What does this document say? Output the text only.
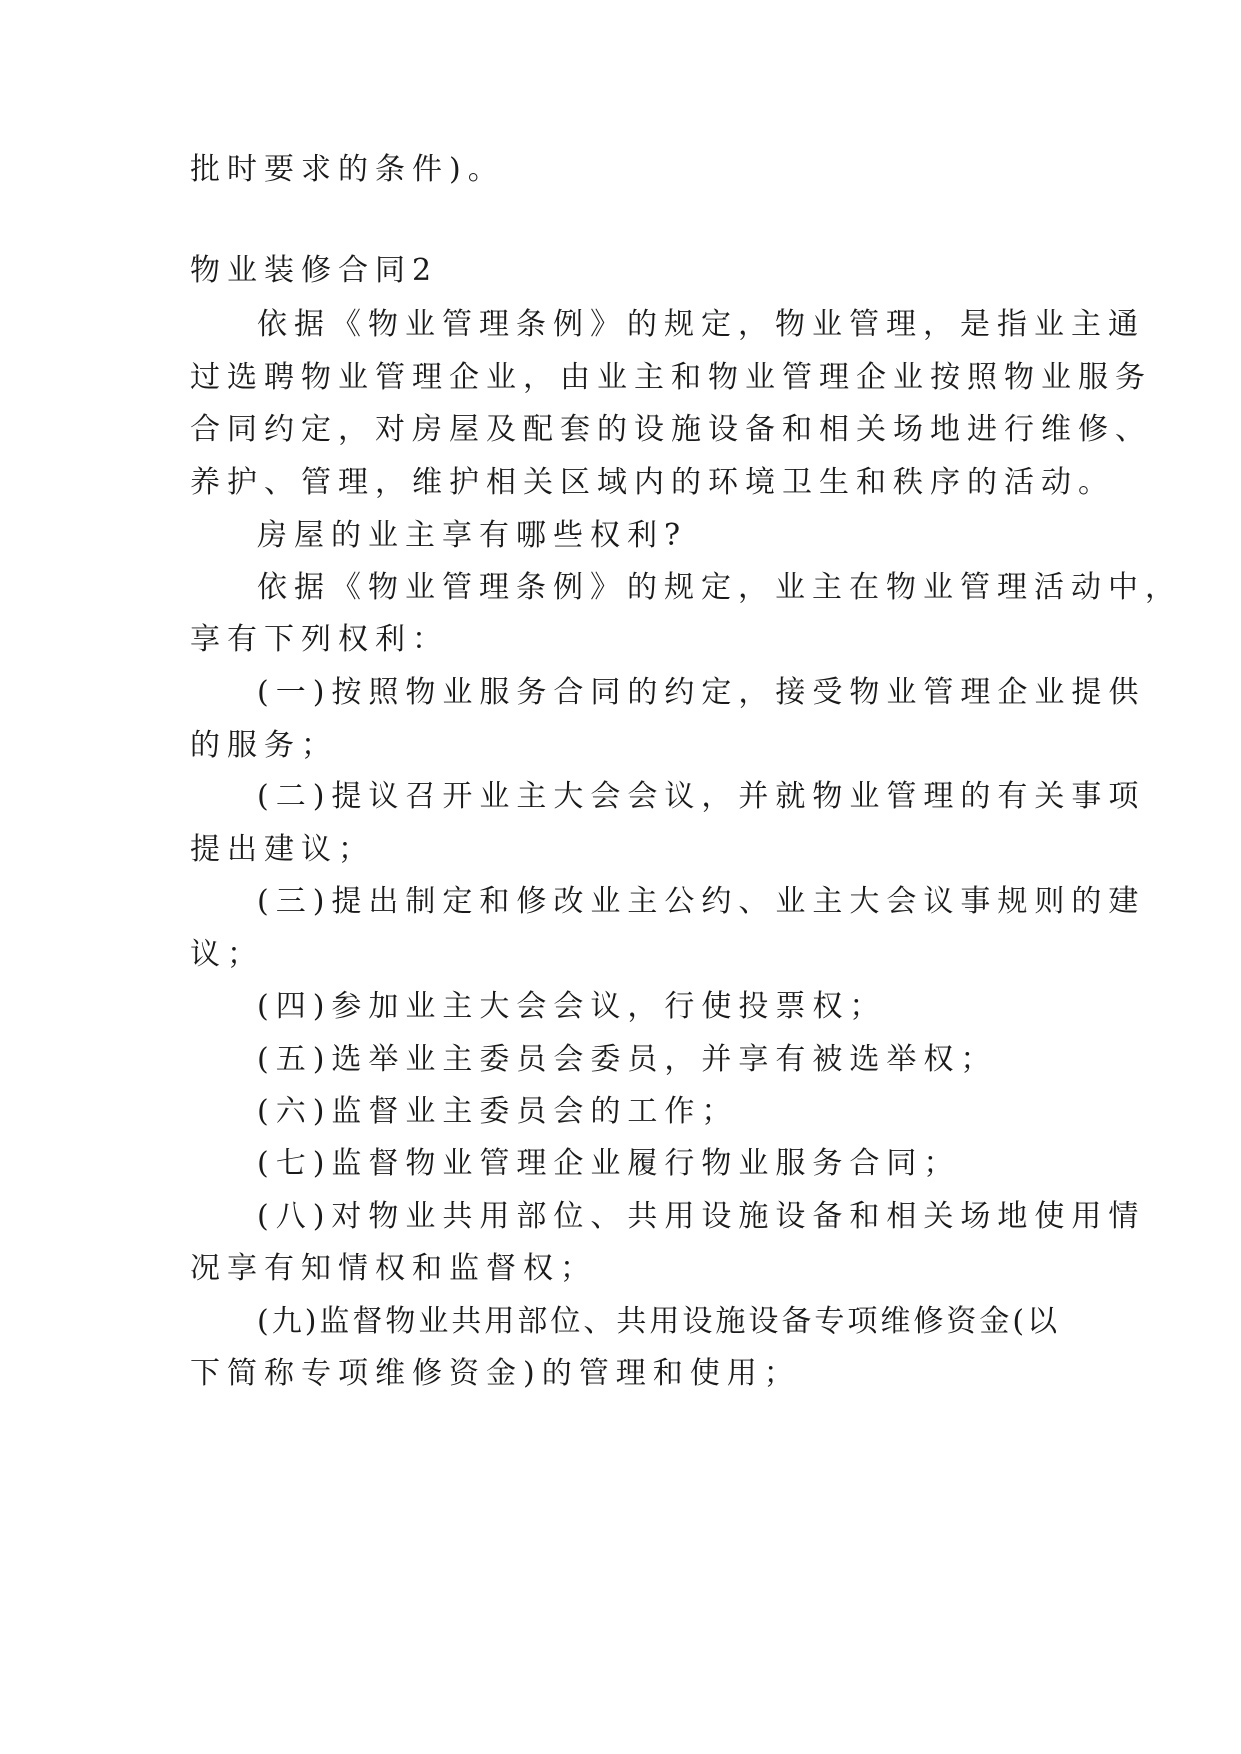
批时要求的条件)。
物业装修合同2
依据《物业管理条例》的规定，物业管理，是指业主通
过选聘物业管理企业，由业主和物业管理企业按照物业服务
合同约定，对房屋及配套的设施设备和相关场地进行维修、
养护、管理，维护相关区域内的环境卫生和秩序的活动。
房屋的业主享有哪些权利?
依据《物业管理条例》的规定，业主在物业管理活动中，
享有下列权利：
(一)按照物业服务合同的约定，接受物业管理企业提供
的服务；
(二)提议召开业主大会会议，并就物业管理的有关事项
提出建议；
(三)提出制定和修改业主公约、业主大会议事规则的建
议；
(四)参加业主大会会议，行使投票权；
(五)选举业主委员会委员，并享有被选举权；
(六)监督业主委员会的工作；
(七)监督物业管理企业履行物业服务合同；
(八)对物业共用部位、共用设施设备和相关场地使用情
况享有知情权和监督权；
(九)监督物业共用部位、共用设施设备专项维修资金(以
下简称专项维修资金)的管理和使用；
